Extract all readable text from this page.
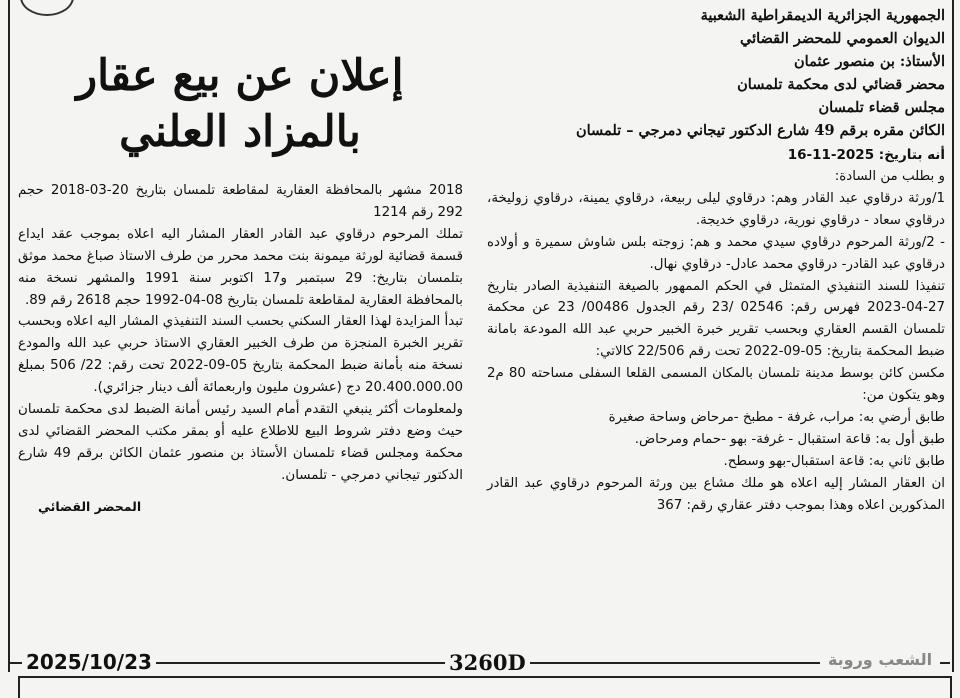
الجمهورية الجزائرية الديمقراطية الشعبية
الديوان العمومي للمحضر القضائي
الأستاذ: بن منصور عثمان
محضر قضائي لدى محكمة تلمسان
مجلس قضاء تلمسان
الكائن مقره برقم 49 شارع الدكتور تيجاني دمرجي – تلمسان
أنه بتاريخ: 2025-11-16

و بطلب من السادة:

1/ورثة درقاوي عبد القادر وهم: درقاوي ليلى ربيعة، درقاوي يمينة، درقاوي زوليخة، درقاوي سعاد - درقاوي نورية، درقاوي خديجة.

- 2/ورثة المرحوم درقاوي سيدي محمد و هم: زوجته بلس شاوش سميرة و أولاده درقاوي عبد القادر- درقاوي محمد عادل- درقاوي نهال.

تنفيذا للسند التنفيذي المتمثل في الحكم الممهور بالصيغة التنفيذية الصادر بتاريخ 27-04-2023 فهرس رقم: 02546 /23 رقم الجدول 00486/ 23 عن محكمة تلمسان القسم العقاري وبحسب تقرير خبرة الخبير حربي عبد الله المودعة بامانة ضبط المحكمة بتاريخ: 05-09-2022 تحت رقم 22/506 كالاتي:

مكسن كائن بوسط مدينة تلمسان بالمكان المسمى القلعا السفلى مساحته 80 م2 وهو يتكون من:

طابق أرضي به: مراب، غرفة - مطبخ -مرحاض وساحة صغيرة

طبق أول به: قاعة استقبال - غرفة- بهو -حمام ومرحاض.

طابق ثاني به: قاعة استقبال-بهو وسطح.

ان العقار المشار إليه اعلاه هو ملك مشاع بين ورثة المرحوم درقاوي عبد القادر المذكورين اعلاه وهذا بموجب دفتر عقاري رقم: 367

إعلان عن بيع عقار
بالمزاد العلني

2018 مشهر بالمحافظة العقارية لمقاطعة تلمسان بتاريخ 20-03-2018 حجم 292 رقم 1214

تملك المرحوم درقاوي عبد القادر العقار المشار اليه اعلاه بموجب عقد ايداع قسمة قضائية لورثة ميمونة بنت محمد محرر من طرف الاستاذ صباغ محمد موثق بتلمسان بتاريخ: 29 سبتمبر و17 اكتوبر سنة 1991 والمشهر نسخة منه بالمحافظة العقارية لمقاطعة تلمسان بتاريخ 08-04-1992 حجم 2618 رقم 89.

تبدأ المزايدة لهذا العقار السكني بحسب السند التنفيذي المشار اليه اعلاه وبحسب تقرير الخبرة المنجزة من طرف الخبير العقاري الاستاذ حربي عبد الله والمودع نسخة منه بأمانة ضبط المحكمة بتاريخ 05-09-2022 تحت رقم: 22/ 506 بمبلغ 20.400.000.00 دج (عشرون مليون واربعمائة ألف دينار جزائري).

ولمعلومات أكثر ينبغي التقدم أمام السيد رئيس أمانة الضبط لدى محكمة تلمسان حيث وضع دفتر شروط البيع للاطلاع عليه أو بمقر مكتب المحضر القضائي لدى محكمة ومجلس قضاء تلمسان الأستاذ بن منصور عثمان الكائن برقم 49 شارع الدكتور تيجاني دمرجي - تلمسان.

المحضر القضائي
2025/10/23	3260D	الشعب وروبة
